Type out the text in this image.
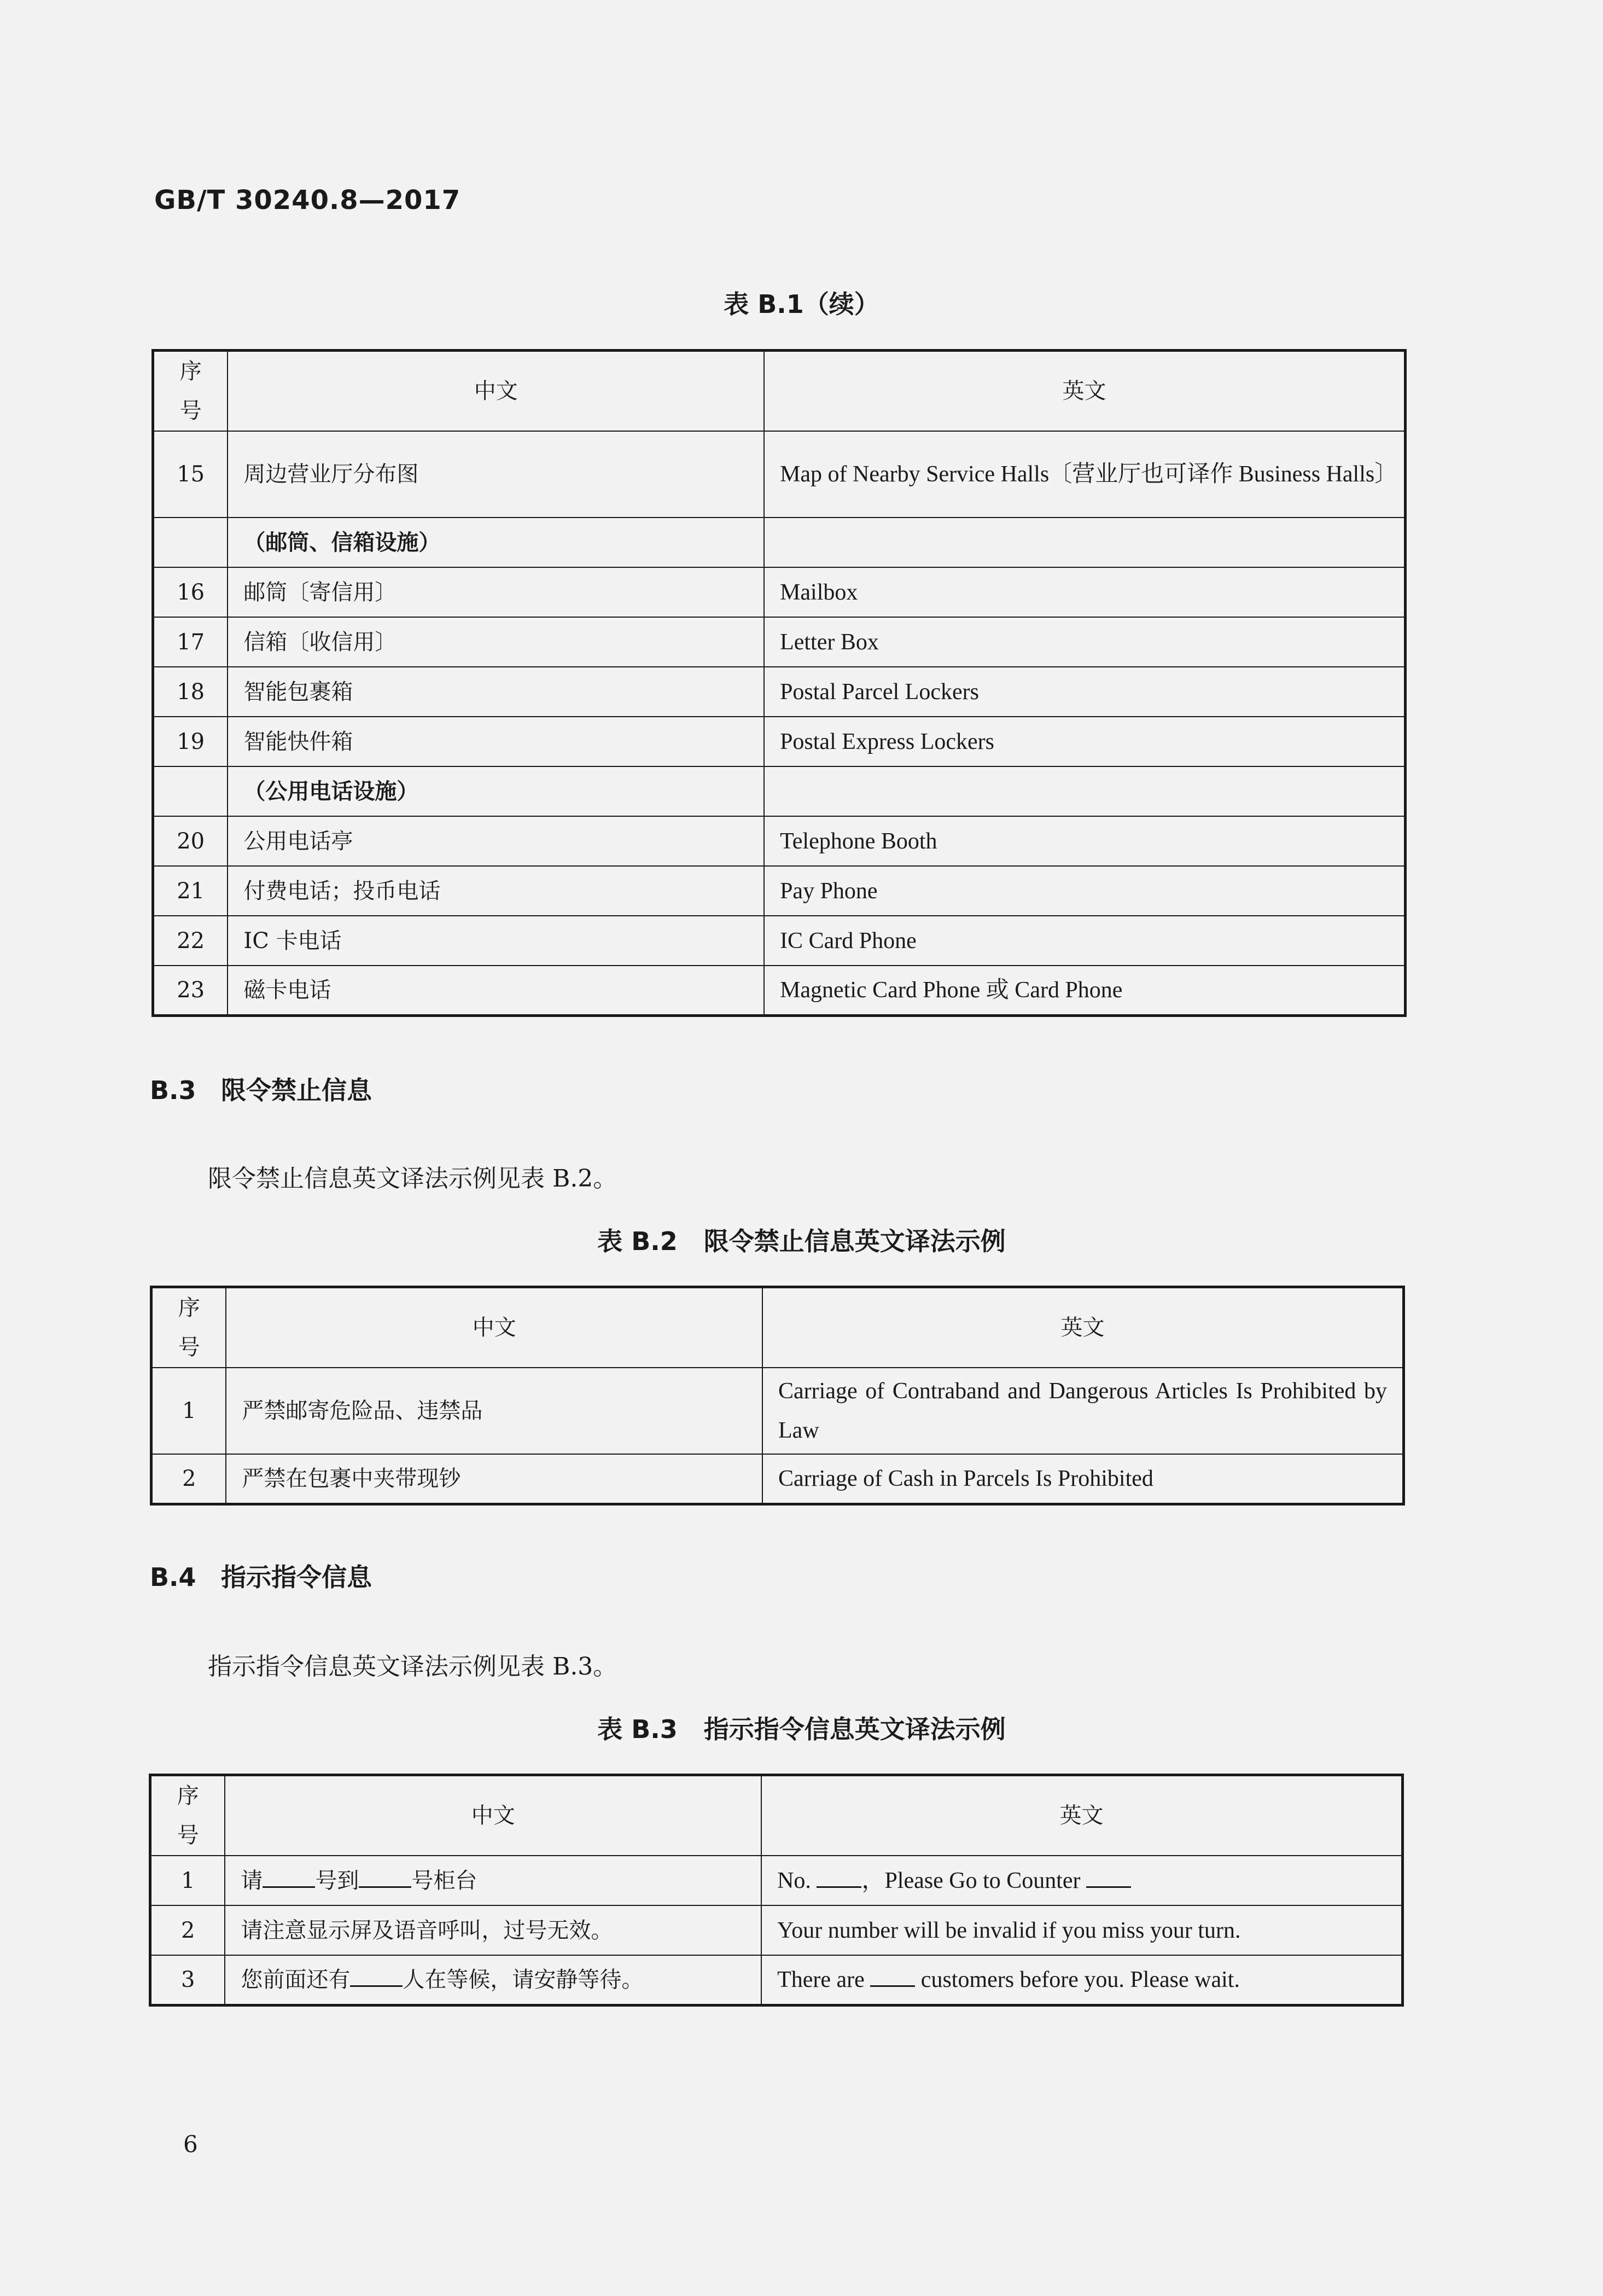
GB/T 30240.8—2017
表 B.1（续）
序号	中文	英文
15	周边营业厅分布图	Map of Nearby Service Halls〔营业厅也可译作 Business Halls〕
	（邮筒、信箱设施）	
16	邮筒〔寄信用〕	Mailbox
17	信箱〔收信用〕	Letter Box
18	智能包裹箱	Postal Parcel Lockers
19	智能快件箱	Postal Express Lockers
	（公用电话设施）	
20	公用电话亭	Telephone Booth
21	付费电话；投币电话	Pay Phone
22	IC 卡电话	IC Card Phone
23	磁卡电话	Magnetic Card Phone 或 Card Phone
B.3 限令禁止信息
限令禁止信息英文译法示例见表 B.2。
表 B.2 限令禁止信息英文译法示例
序号	中文	英文
1	严禁邮寄危险品、违禁品	Carriage of Contraband and Dangerous Articles Is Prohibited by Law
2	严禁在包裹中夹带现钞	Carriage of Cash in Parcels Is Prohibited
B.4 指示指令信息
指示指令信息英文译法示例见表 B.3。
表 B.3 指示指令信息英文译法示例
序号	中文	英文
1	请 号到 号柜台	No. ，Please Go to Counter
2	请注意显示屏及语音呼叫，过号无效。	Your number will be invalid if you miss your turn.
3	您前面还有 人在等候，请安静等待。	There are  customers before you. Please wait.
6
